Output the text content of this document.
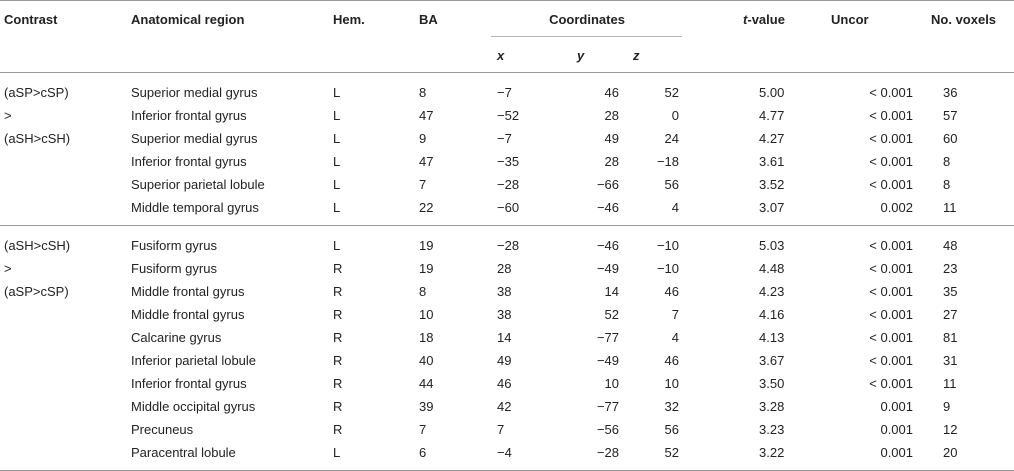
Contrast	Anatomical region	Hem.	BA	Coordinates				t-value	Uncor	No. voxels
				x	y	z				
(aSP>cSP)	Superior medial gyrus	L	8	−7	46	52		5.00	< 0.001	36
>	Inferior frontal gyrus	L	47	−52	28	0		4.77	< 0.001	57
(aSH>cSH)	Superior medial gyrus	L	9	−7	49	24		4.27	< 0.001	60
	Inferior frontal gyrus	L	47	−35	28	−18		3.61	< 0.001	8
	Superior parietal lobule	L	7	−28	−66	56		3.52	< 0.001	8
	Middle temporal gyrus	L	22	−60	−46	4		3.07	0.002	11
(aSH>cSH)	Fusiform gyrus	L	19	−28	−46	−10		5.03	< 0.001	48
>	Fusiform gyrus	R	19	28	−49	−10		4.48	< 0.001	23
(aSP>cSP)	Middle frontal gyrus	R	8	38	14	46		4.23	< 0.001	35
	Middle frontal gyrus	R	10	38	52	7		4.16	< 0.001	27
	Calcarine gyrus	R	18	14	−77	4		4.13	< 0.001	81
	Inferior parietal lobule	R	40	49	−49	46		3.67	< 0.001	31
	Inferior frontal gyrus	R	44	46	10	10		3.50	< 0.001	11
	Middle occipital gyrus	R	39	42	−77	32		3.28	0.001	9
	Precuneus	R	7	7	−56	56		3.23	0.001	12
	Paracentral lobule	L	6	−4	−28	52		3.22	0.001	20
